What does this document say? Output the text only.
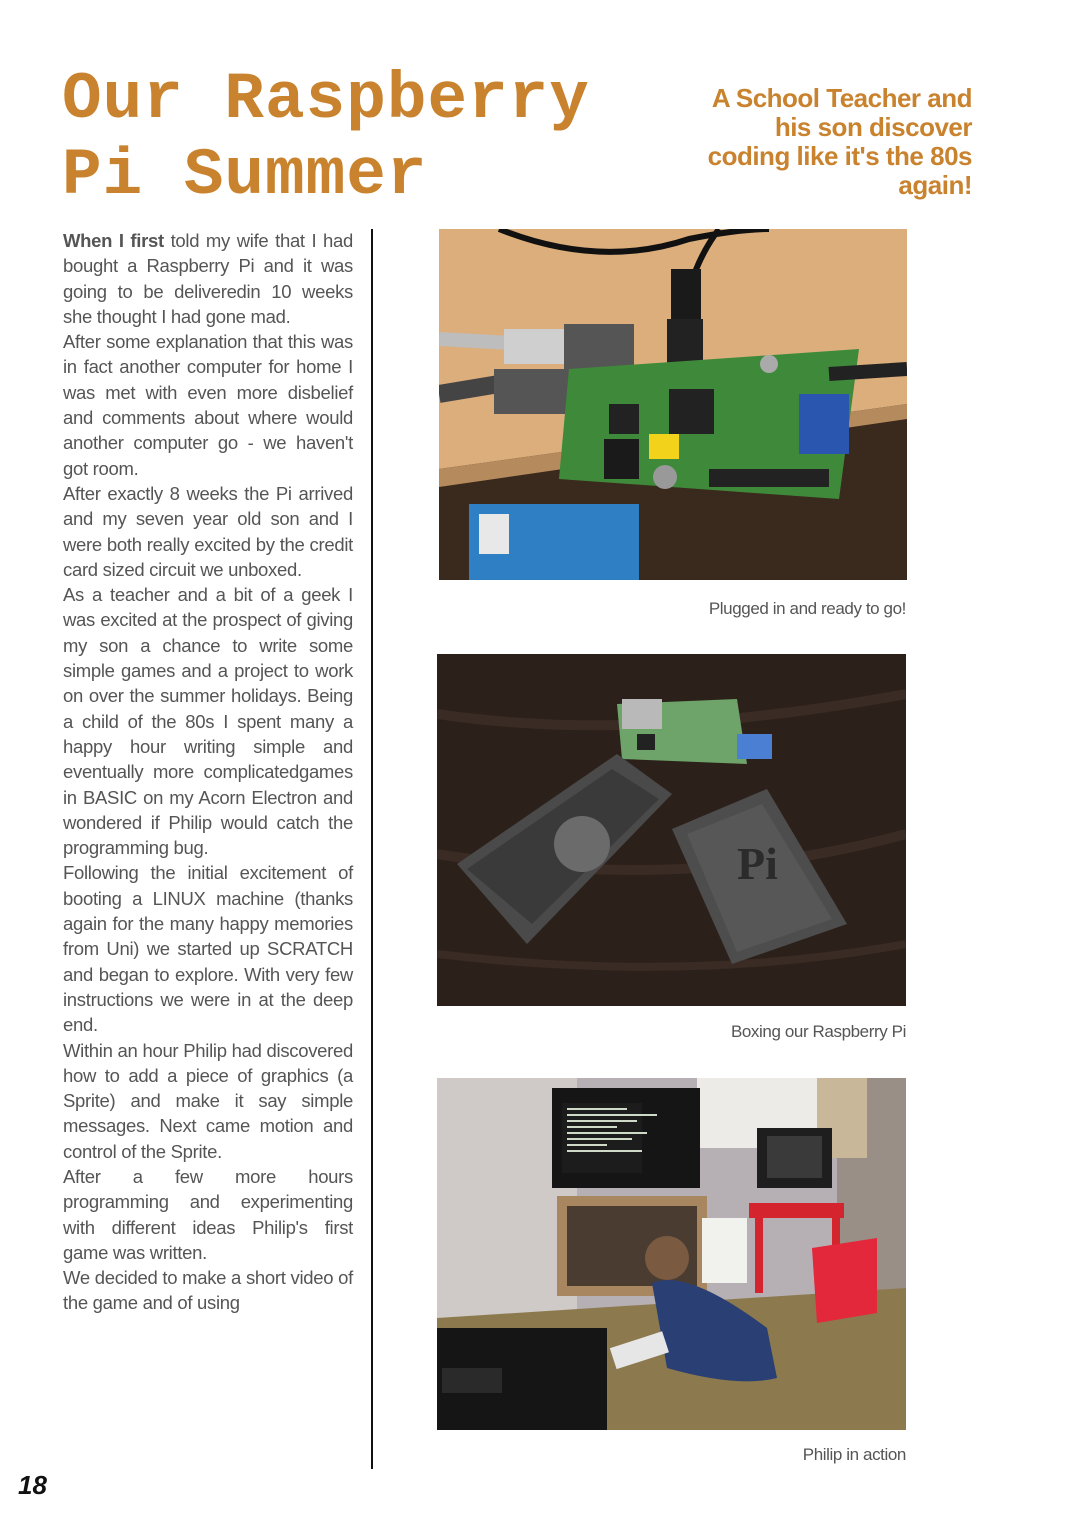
Our Raspberry
Pi Summer
A School Teacher and his son discover coding like it's the 80s again!

When I first told my wife that I had bought a Raspberry Pi and it was going to be deliveredin 10 weeks she thought I had gone mad.

After some explanation that this was in fact another computer for home I was met with even more disbelief and comments about where would another computer go - we haven't got room.

After exactly 8 weeks the Pi arrived and my seven year old son and I were both really excited by the credit card sized circuit we unboxed.

As a teacher and a bit of a geek I was excited at the prospect of giving my son a chance to write some simple games and a project to work on over the summer holidays. Being a child of the 80s I spent many a happy hour writing simple and eventually more complicatedgames in BASIC on my Acorn Electron and wondered if Philip would catch the programming bug.

Following the initial excitement of booting a LINUX machine (thanks again for the many happy memories from Uni) we started up SCRATCH and began to explore. With very few instructions we were in at the deep end.

Within an hour Philip had discovered how to add a piece of graphics (a Sprite) and make it say simple messages. Next came motion and control of the Sprite.

After a few more hours programming and experimenting with different ideas Philip's first game was written.

We decided to make a short video of the game and of using

Plugged in and ready to go!
Pi
Boxing our Raspberry Pi
Philip in action
18
